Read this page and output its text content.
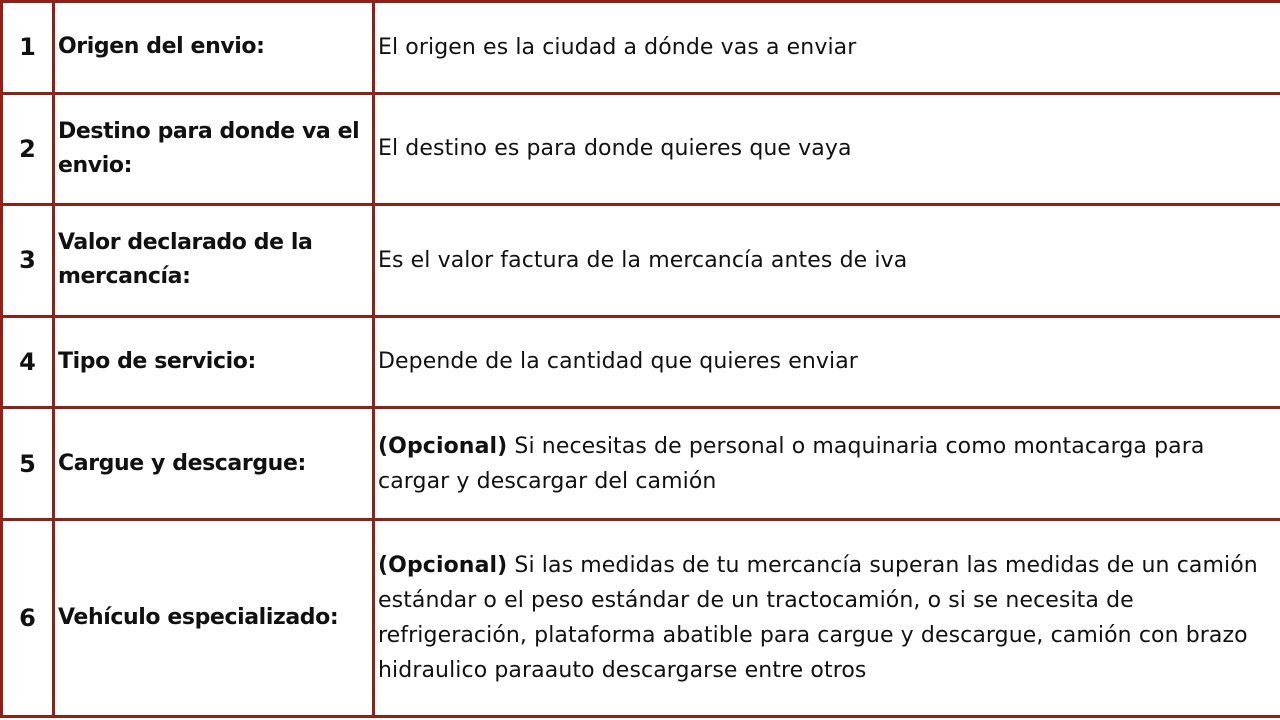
1	Origen del envio:	El origen es la ciudad a dónde vas a enviar
2	Destino para donde va el envio:	El destino es para donde quieres que vaya
3	Valor declarado de la mercancía:	Es el valor factura de la mercancía antes de iva
4	Tipo de servicio:	Depende de la cantidad que quieres enviar
5	Cargue y descargue:	(Opcional) Si necesitas de personal o maquinaria como montacarga para cargar y descargar del camión
6	Vehículo especializado:	(Opcional) Si las medidas de tu mercancía superan las medidas de un camión estándar o el peso estándar de un tractocamión, o si se necesita de refrigeración, plataforma abatible para cargue y descargue, camión con brazo hidraulico paraauto descargarse entre otros
